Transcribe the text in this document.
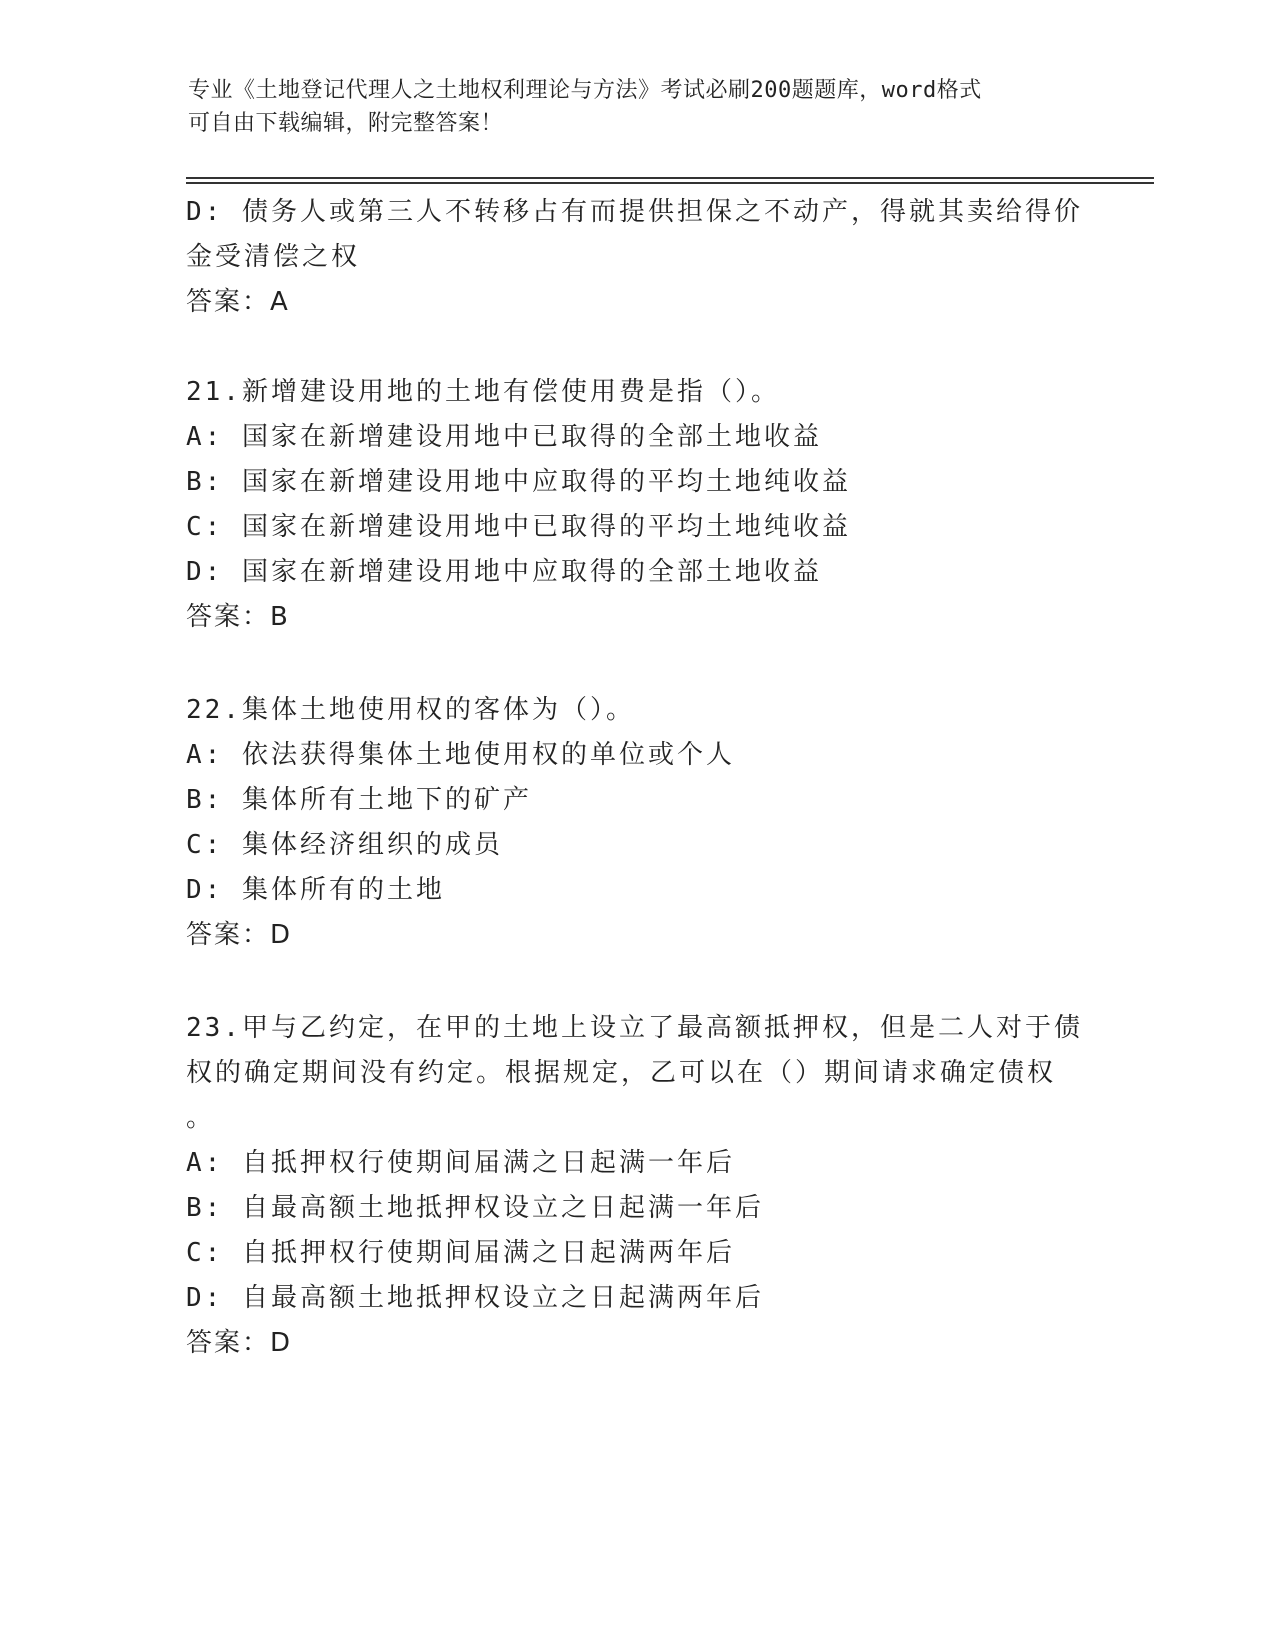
专业《土地登记代理人之土地权利理论与方法》考试必刷200题题库，word格式
可自由下载编辑，附完整答案！
D: 债务人或第三人不转移占有而提供担保之不动产，得就其卖给得价
金受清偿之权
答案：A
21.新增建设用地的土地有偿使用费是指（）。
A: 国家在新增建设用地中已取得的全部土地收益
B: 国家在新增建设用地中应取得的平均土地纯收益
C: 国家在新增建设用地中已取得的平均土地纯收益
D: 国家在新增建设用地中应取得的全部土地收益
答案：B
22.集体土地使用权的客体为（）。
A: 依法获得集体土地使用权的单位或个人
B: 集体所有土地下的矿产
C: 集体经济组织的成员
D: 集体所有的土地
答案：D
23.甲与乙约定，在甲的土地上设立了最高额抵押权，但是二人对于债
权的确定期间没有约定。根据规定，乙可以在（）期间请求确定债权
。
A: 自抵押权行使期间届满之日起满一年后
B: 自最高额土地抵押权设立之日起满一年后
C: 自抵押权行使期间届满之日起满两年后
D: 自最高额土地抵押权设立之日起满两年后
答案：D
